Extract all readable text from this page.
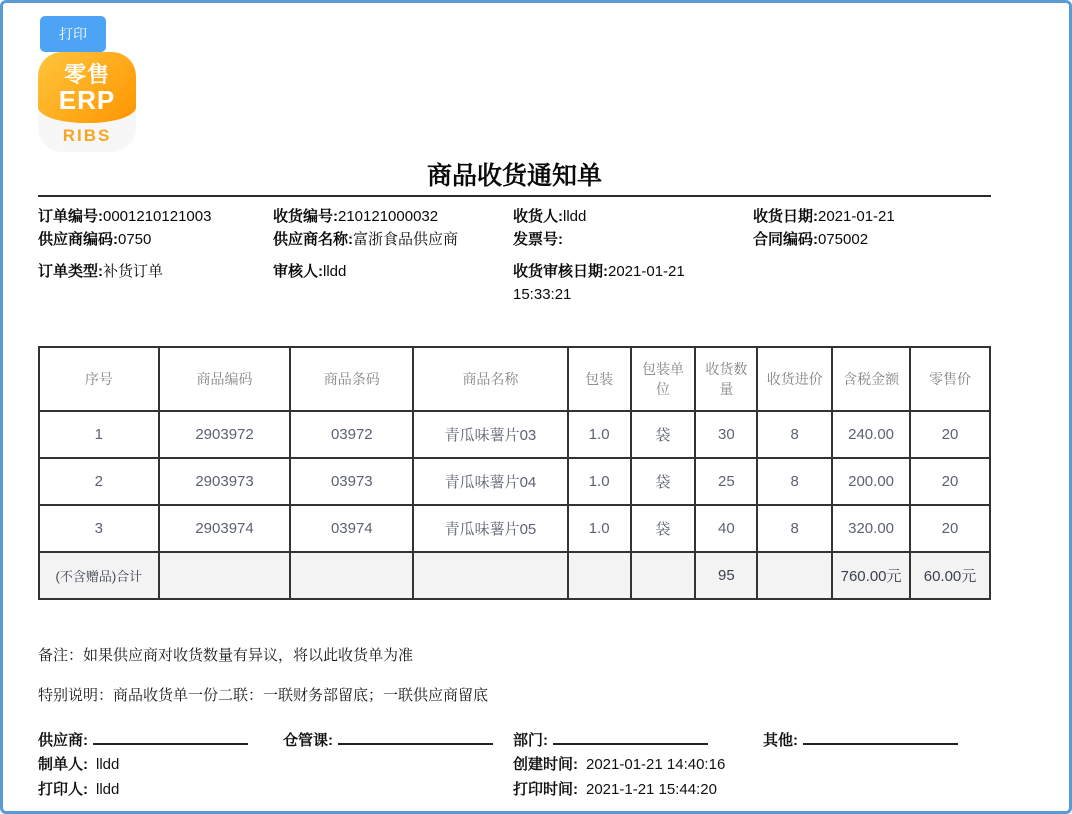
打印
零售
ERP
RIBS
商品收货通知单
订单编号:0001210121003	收货编号:210121000032	收货人:lldd	收货日期:2021-01-21
供应商编码:0750	供应商名称:富浙食品供应商	发票号:	合同编码:075002
订单类型:补货订单	审核人:lldd	收货审核日期:2021-01-21 15:33:21
序号	商品编码	商品条码	商品名称	包装	包装单位	收货数量	收货进价	含税金额	零售价
1	2903972	03972	青瓜味薯片03	1.0	袋	30	8	240.00	20
2	2903973	03973	青瓜味薯片04	1.0	袋	25	8	200.00	20
3	2903974	03974	青瓜味薯片05	1.0	袋	40	8	320.00	20
(不含赠品)合计						95		760.00元	60.00元

备注：如果供应商对收货数量有异议，将以此收货单为准

特别说明：商品收货单一份二联：一联财务部留底；一联供应商留底

供应商:	仓管课:	部门:	其他:
制单人: lldd	创建时间: 2021-01-21 14:40:16
打印人: lldd	打印时间: 2021-1-21 15:44:20
